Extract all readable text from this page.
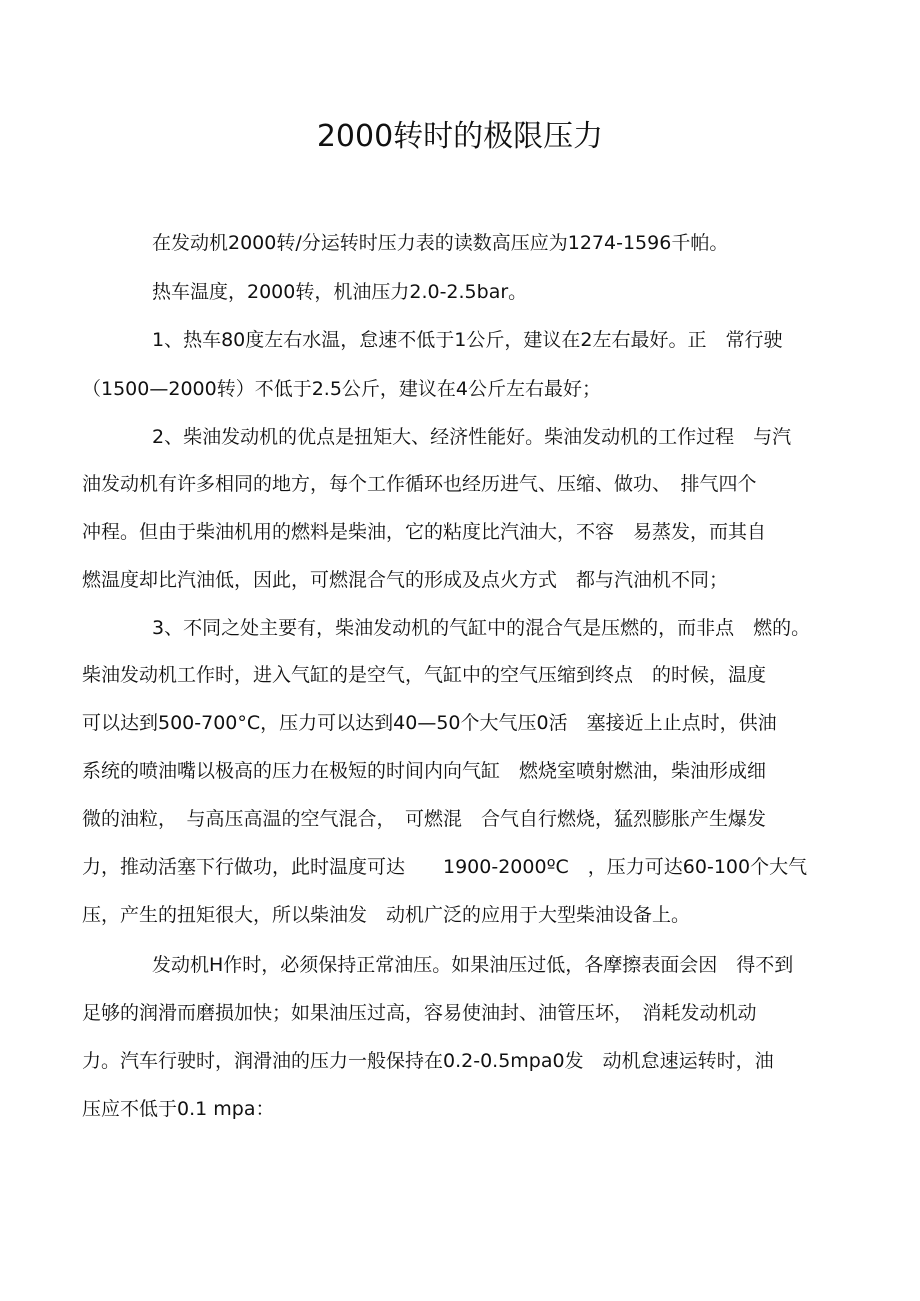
2000转时的极限压力
在发动机2000转/分运转时压力表的读数高压应为1274-1596千帕。
热车温度，2000转，机油压力2.0-2.5bar。
1、热车80度左右水温，怠速不低于1公斤，建议在2左右最好。正　常行驶
（1500—2000转）不低于2.5公斤，建议在4公斤左右最好；
2、柴油发动机的优点是扭矩大、经济性能好。柴油发动机的工作过程　与汽
油发动机有许多相同的地方，每个工作循环也经历进气、压缩、做功、　排气四个
冲程。但由于柴油机用的燃料是柴油，它的粘度比汽油大，不容　易蒸发，而其自
燃温度却比汽油低，因此，可燃混合气的形成及点火方式　都与汽油机不同；
3、不同之处主要有，柴油发动机的气缸中的混合气是压燃的，而非点　燃的。
柴油发动机工作时，进入气缸的是空气，气缸中的空气压缩到终点　的时候，温度
可以达到500-700°C，压力可以达到40—50个大气压0活　塞接近上止点时，供油
系统的喷油嘴以极高的压力在极短的时间内向气缸　燃烧室喷射燃油，柴油形成细
微的油粒，　与高压高温的空气混合，　可燃混　合气自行燃烧，猛烈膨胀产生爆发
力，推动活塞下行做功，此时温度可达　　1900-2000ºC　，压力可达60-100个大气
压，产生的扭矩很大，所以柴油发　动机广泛的应用于大型柴油设备上。
发动机H作时，必须保持正常油压。如果油压过低，各摩擦表面会因　得不到
足够的润滑而磨损加快；如果油压过高，容易使油封、油管压坏，　消耗发动机动
力。汽车行驶时，润滑油的压力一般保持在0.2-0.5mpa0发　动机怠速运转时，油
压应不低于0.1 mpa：
